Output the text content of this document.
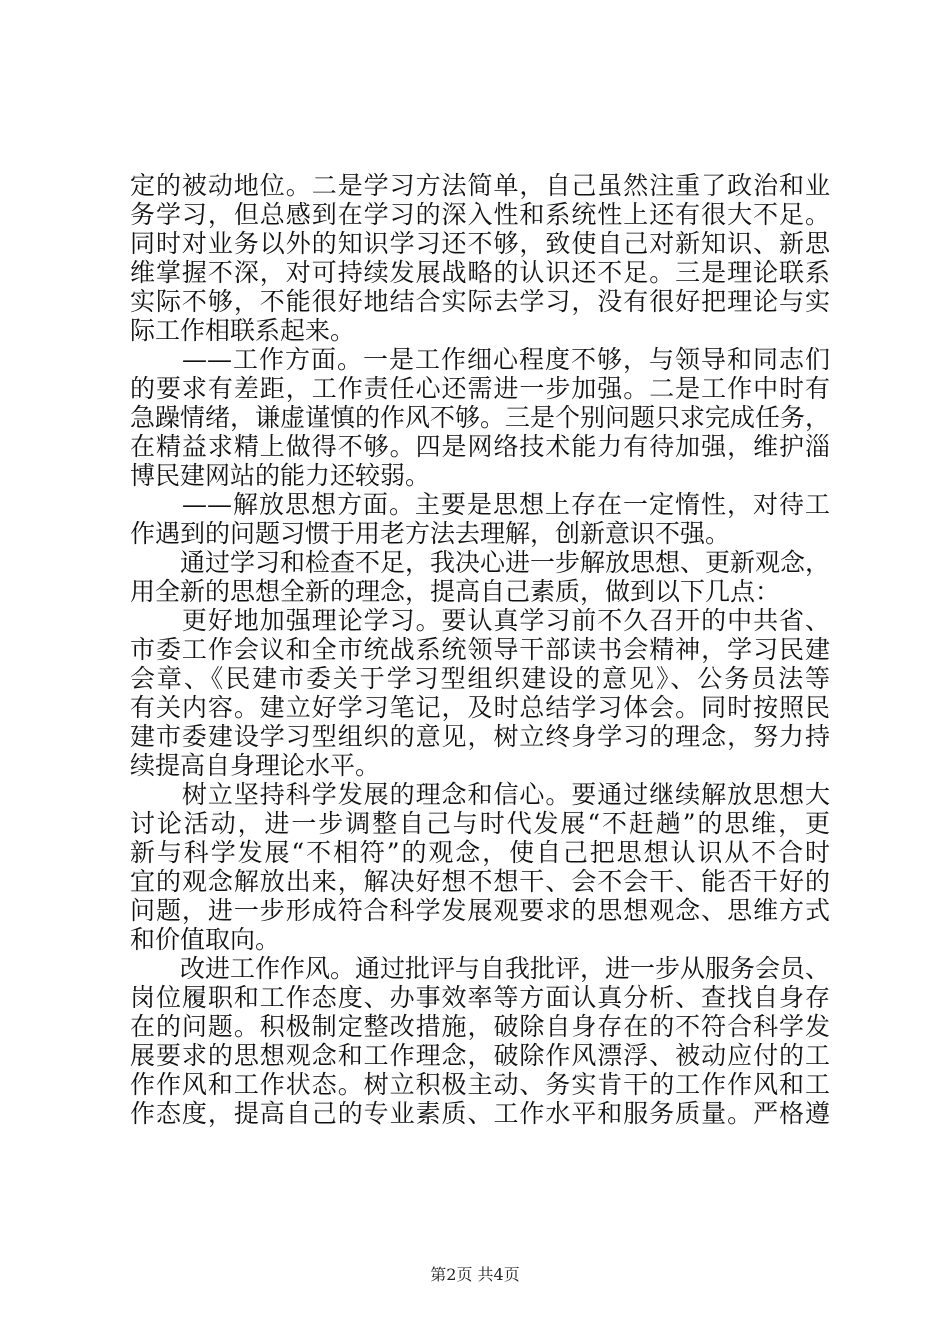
定的被动地位。二是学习方法简单，自己虽然注重了政治和业
务学习，但总感到在学习的深入性和系统性上还有很大不足。
同时对业务以外的知识学习还不够，致使自己对新知识、新思
维掌握不深，对可持续发展战略的认识还不足。三是理论联系
实际不够，不能很好地结合实际去学习，没有很好把理论与实
际工作相联系起来。
　　——工作方面。一是工作细心程度不够，与领导和同志们
的要求有差距，工作责任心还需进一步加强。二是工作中时有
急躁情绪，谦虚谨慎的作风不够。三是个别问题只求完成任务，
在精益求精上做得不够。四是网络技术能力有待加强，维护淄
博民建网站的能力还较弱。
　　——解放思想方面。主要是思想上存在一定惰性，对待工
作遇到的问题习惯于用老方法去理解，创新意识不强。
　　通过学习和检查不足，我决心进一步解放思想、更新观念，
用全新的思想全新的理念，提高自己素质，做到以下几点：
　　更好地加强理论学习。要认真学习前不久召开的中共省、
市委工作会议和全市统战系统领导干部读书会精神，学习民建
会章、《民建市委关于学习型组织建设的意见》、公务员法等
有关内容。建立好学习笔记，及时总结学习体会。同时按照民
建市委建设学习型组织的意见，树立终身学习的理念，努力持
续提高自身理论水平。
　　树立坚持科学发展的理念和信心。要通过继续解放思想大
讨论活动，进一步调整自己与时代发展“不赶趟”的思维，更
新与科学发展“不相符”的观念，使自己把思想认识从不合时
宜的观念解放出来，解决好想不想干、会不会干、能否干好的
问题，进一步形成符合科学发展观要求的思想观念、思维方式
和价值取向。
　　改进工作作风。通过批评与自我批评，进一步从服务会员、
岗位履职和工作态度、办事效率等方面认真分析、查找自身存
在的问题。积极制定整改措施，破除自身存在的不符合科学发
展要求的思想观念和工作理念，破除作风漂浮、被动应付的工
作作风和工作状态。树立积极主动、务实肯干的工作作风和工
作态度，提高自己的专业素质、工作水平和服务质量。严格遵
第2页 共4页
